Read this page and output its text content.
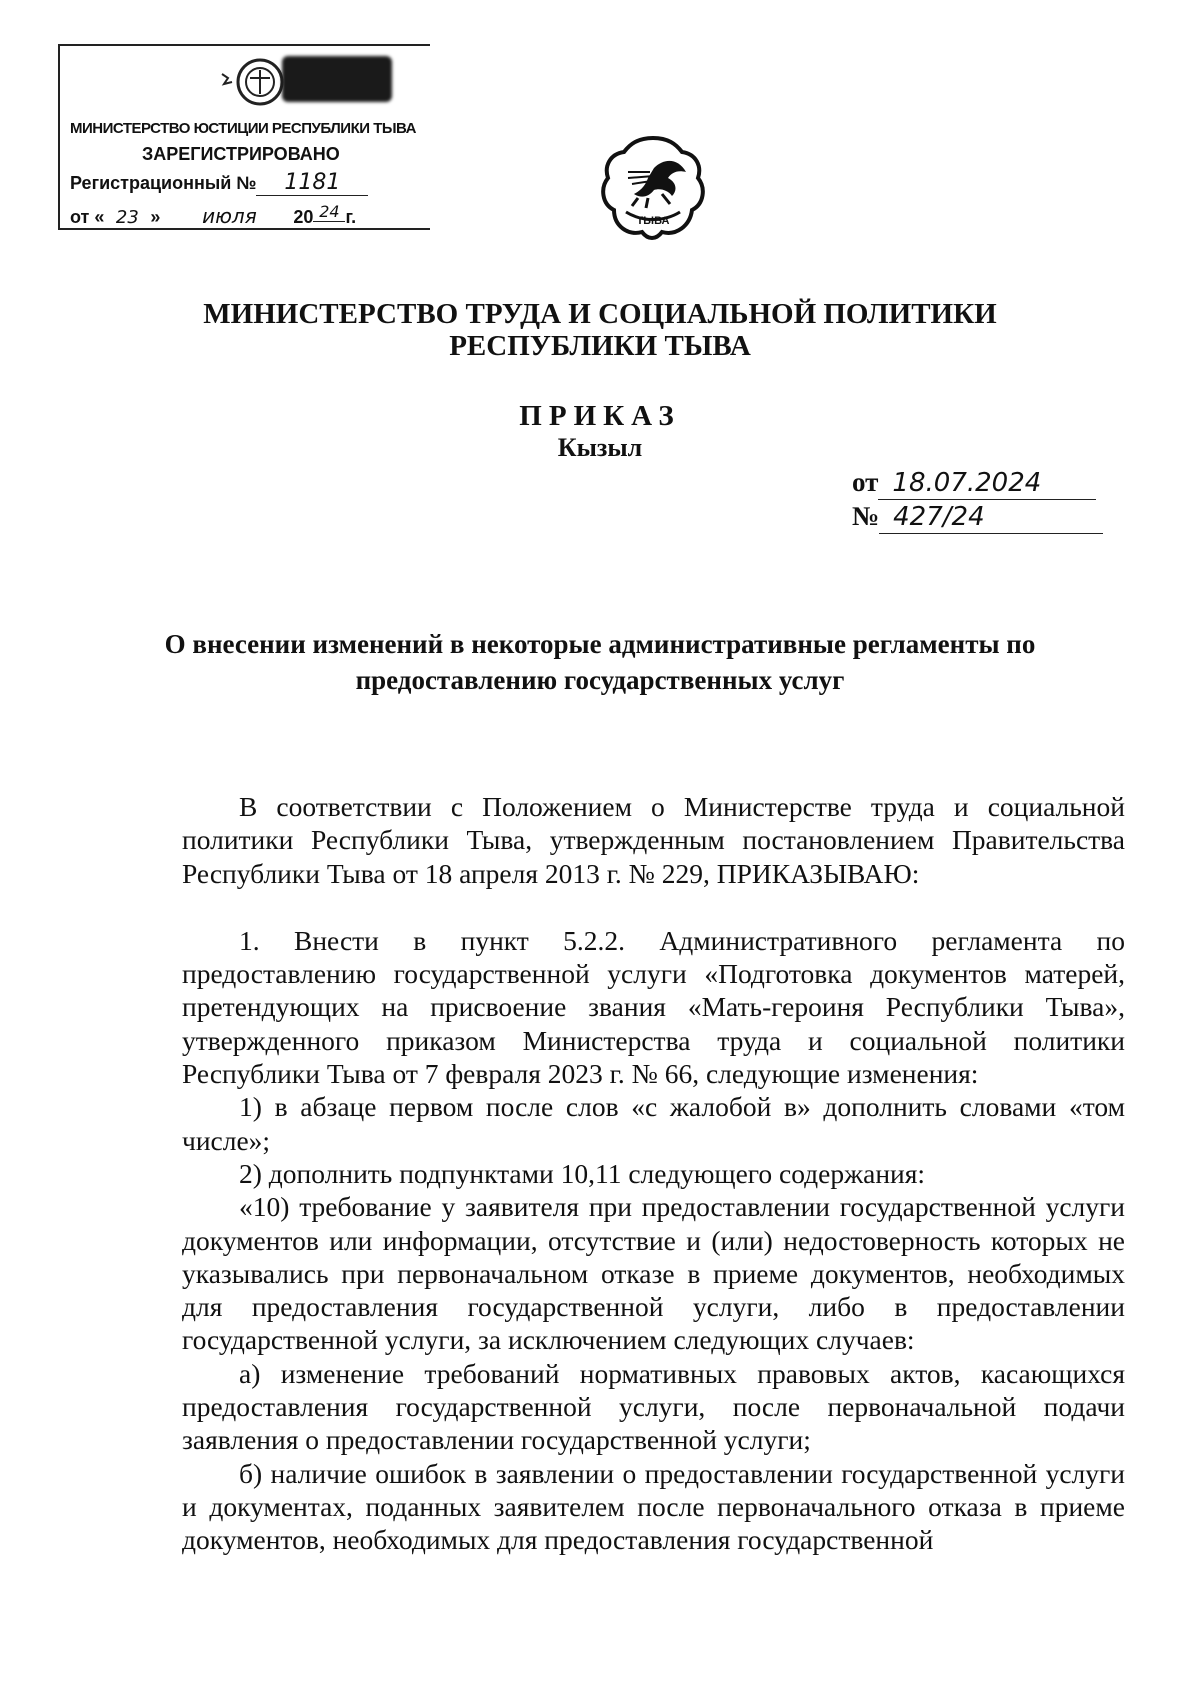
МИНИСТЕРСТВО ЮСТИЦИИ РЕСПУБЛИКИ ТЫВА
ЗАРЕГИСТРИРОВАНО
Регистрационный № 1181
от « 23 » июля 20 24 г.	ТЫВА
МИНИСТЕРСТВО ТРУДА И СОЦИАЛЬНОЙ ПОЛИТИКИ
РЕСПУБЛИКИ ТЫВА
ПРИКАЗ
Кызыл
от 18.07.2024
№ 427/24
О внесении изменений в некоторые административные регламенты по
предоставлению государственных услуг

В соответствии с Положением о Министерстве труда и социальной политики Республики Тыва, утвержденным постановлением Правительства Республики Тыва от 18 апреля 2013 г. № 229, ПРИКАЗЫВАЮ:

1. Внести в пункт 5.2.2. Административного регламента по предоставлению государственной услуги «Подготовка документов матерей, претендующих на присвоение звания «Мать-героиня Республики Тыва», утвержденного приказом Министерства труда и социальной политики Республики Тыва от 7 февраля 2023 г. № 66, следующие изменения:

1) в абзаце первом после слов «с жалобой в» дополнить словами «том числе»;

2) дополнить подпунктами 10,11 следующего содержания:

«10) требование у заявителя при предоставлении государственной услуги документов или информации, отсутствие и (или) недостоверность которых не указывались при первоначальном отказе в приеме документов, необходимых для предоставления государственной услуги, либо в предоставлении государственной услуги, за исключением следующих случаев:

а) изменение требований нормативных правовых актов, касающихся предоставления государственной услуги, после первоначальной подачи заявления о предоставлении государственной услуги;

б) наличие ошибок в заявлении о предоставлении государственной услуги и документах, поданных заявителем после первоначального отказа в приеме документов, необходимых для предоставления государственной
